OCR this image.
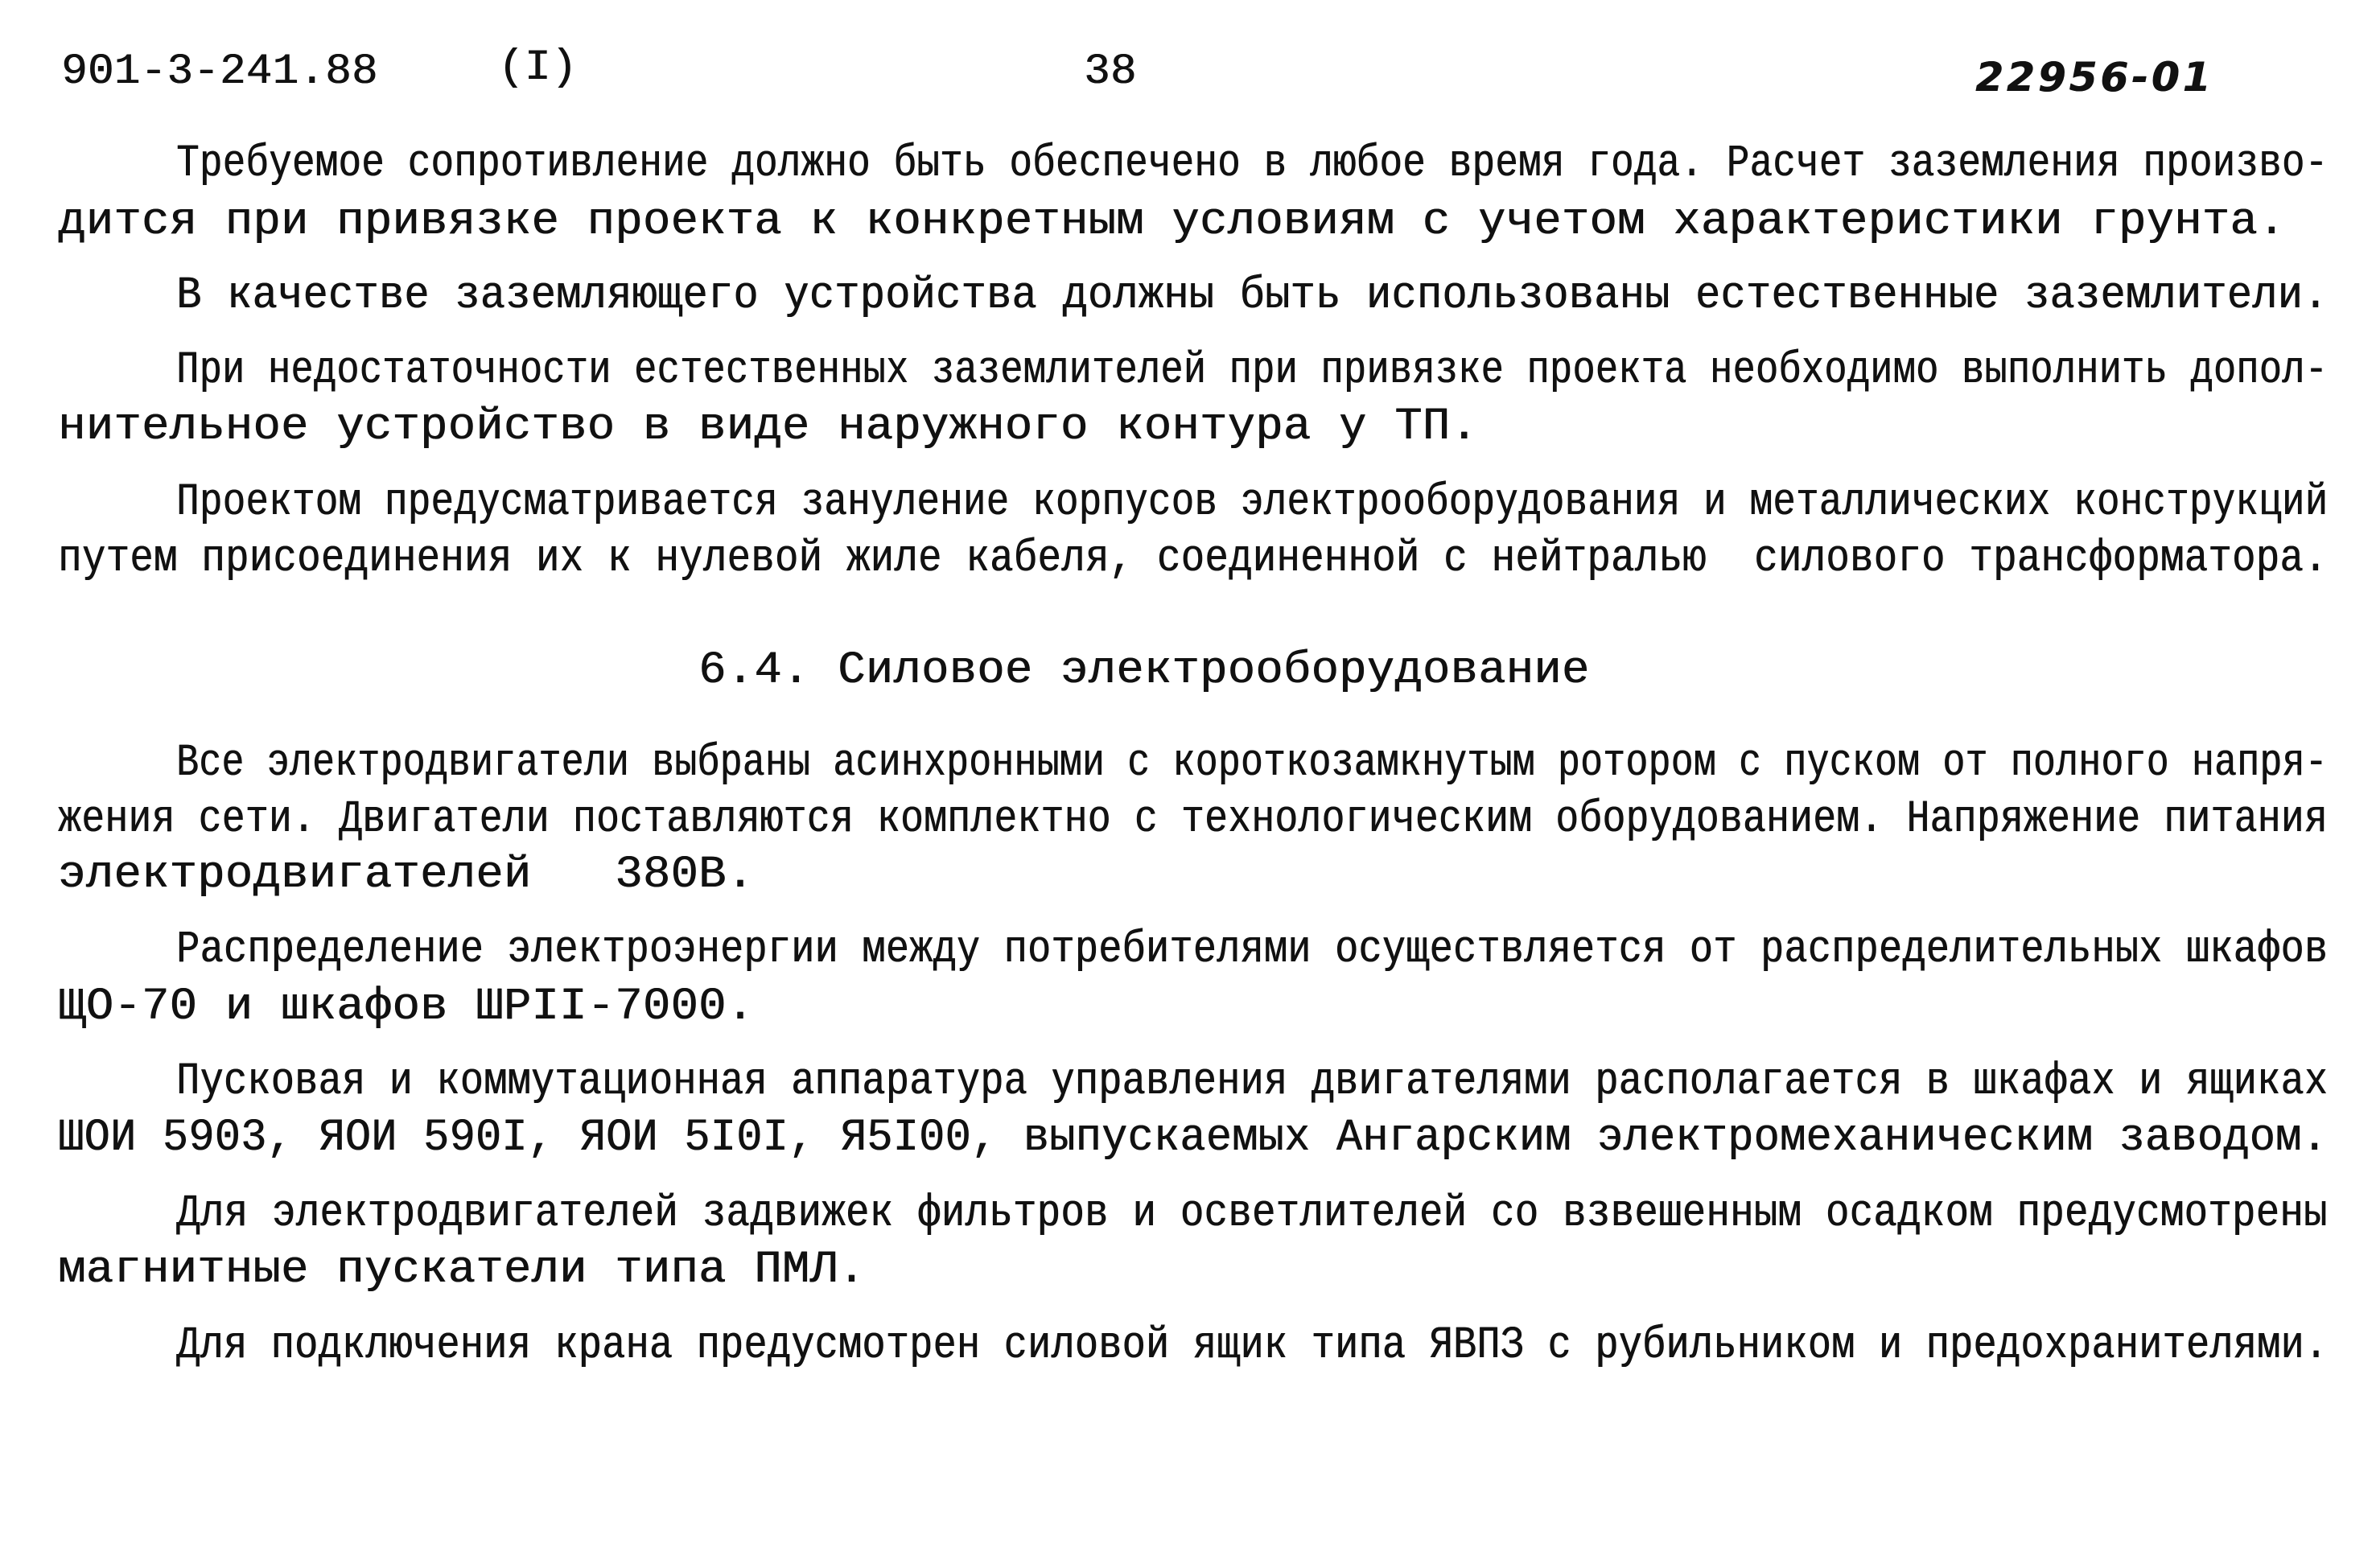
901-3-241.88	(I)	38	22956-01
Требуемое сопротивление должно быть обеспечено в любое время года. Расчет заземления произво-
дится при привязке проекта к конкретным условиям с учетом характеристики грунта.
В качестве заземляющего устройства должны быть использованы естественные заземлители.
При недостаточности естественных заземлителей при привязке проекта необходимо выполнить допол-
нительное устройство в виде наружного контура у ТП.
Проектом предусматривается зануление корпусов электрооборудования и металлических конструкций
путем присоединения их к нулевой жиле кабеля, соединенной с нейтралью  силового трансформатора.
6.4. Силовое электрооборудование
Все электродвигатели выбраны асинхронными с короткозамкнутым ротором с пуском от полного напря-
жения сети. Двигатели поставляются комплектно с технологическим оборудованием. Напряжение питания
электродвигателей   380В.
Распределение электроэнергии между потребителями осуществляется от распределительных шкафов
ЩО-70 и шкафов ШРII-7000.
Пусковая и коммутационная аппаратура управления двигателями располагается в шкафах и ящиках
ШОИ 5903, ЯОИ 590I, ЯОИ 5I0I, Я5I00, выпускаемых Ангарским электромеханическим заводом.
Для электродвигателей задвижек фильтров и осветлителей со взвешенным осадком предусмотрены
магнитные пускатели типа ПМЛ.
Для подключения крана предусмотрен силовой ящик типа ЯВПЗ с рубильником и предохранителями.
